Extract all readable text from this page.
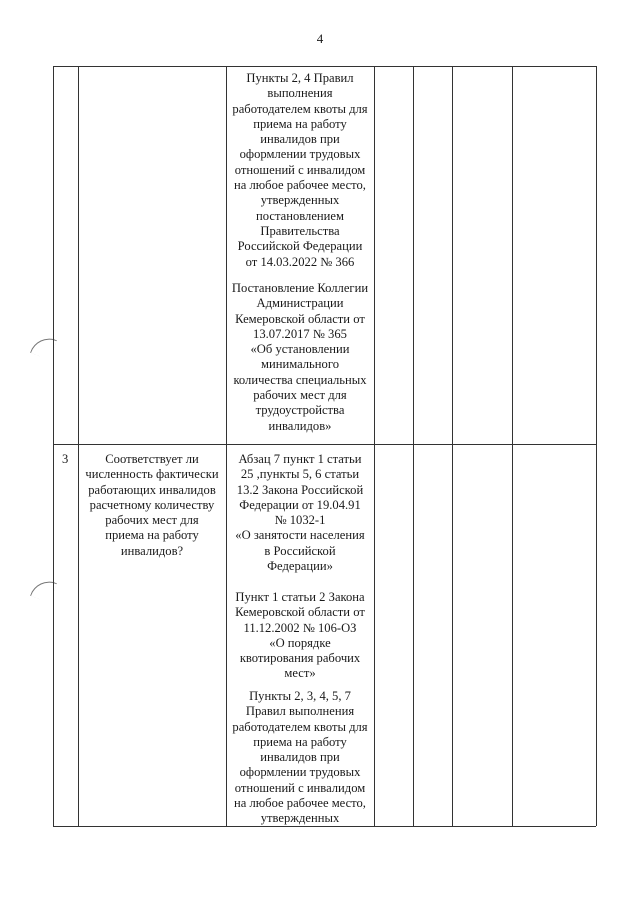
4
Пункты 2, 4 Правил
выполнения
работодателем квоты для
приема на работу
инвалидов при
оформлении трудовых
отношений с инвалидом
на любое рабочее место,
утвержденных
постановлением
Правительства
Российской Федерации
от 14.03.2022 № 366
Постановление Коллегии
Администрации
Кемеровской области от
13.07.2017 № 365
«Об установлении
минимального
количества специальных
рабочих мест для
трудоустройства
инвалидов»
3	Соответствует ли
численность фактически
работающих инвалидов
расчетному количеству
рабочих мест для
приема на работу
инвалидов?
Абзац 7 пункт 1 статьи
25 ,пункты 5, 6 статьи
13.2 Закона Российской
Федерации от 19.04.91
№ 1032-1
«О занятости населения
в Российской
Федерации»
Пункт 1 статьи 2 Закона
Кемеровской области от
11.12.2002 № 106-ОЗ
«О порядке
квотирования рабочих
мест»
Пункты 2, 3, 4, 5, 7
Правил выполнения
работодателем квоты для
приема на работу
инвалидов при
оформлении трудовых
отношений с инвалидом
на любое рабочее место,
утвержденных
